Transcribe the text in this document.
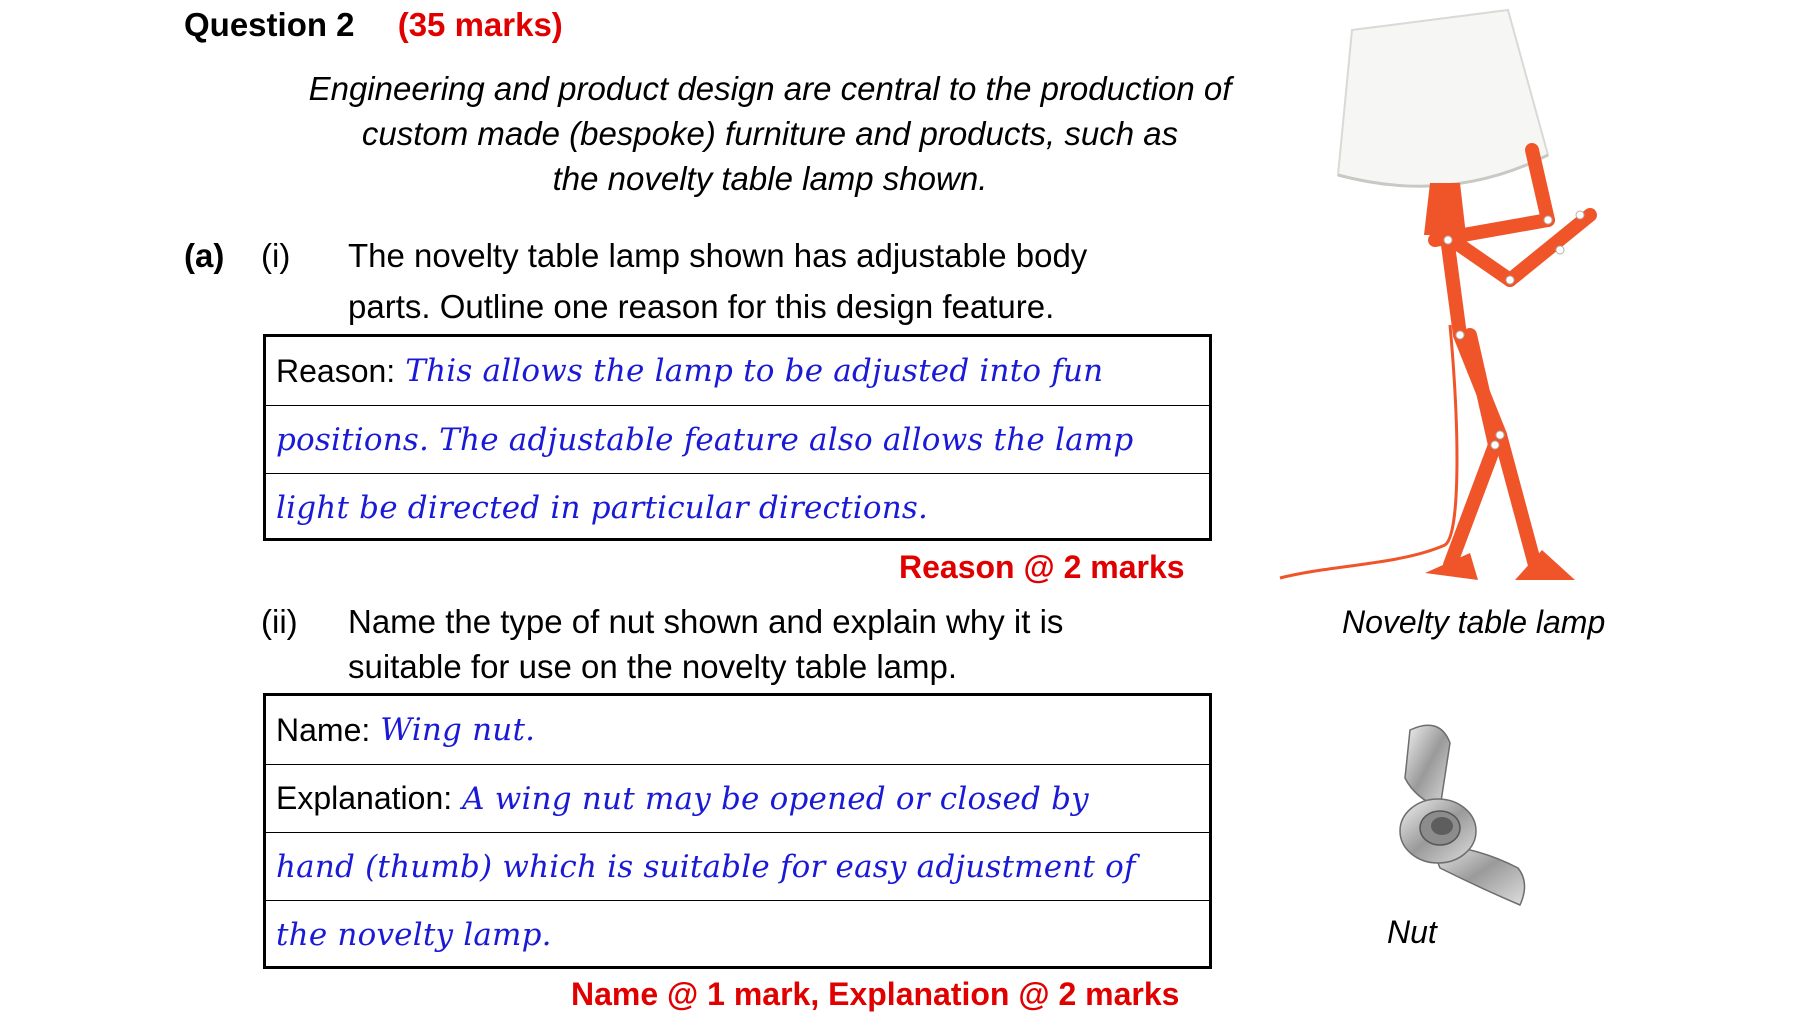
Question 2 (35 marks)
Engineering and product design are central to the production of
custom made (bespoke) furniture and products, such as
the novelty table lamp shown.
(a) (i) The novelty table lamp shown has adjustable body
parts. Outline one reason for this design feature.
Reason: This allows the lamp to be adjusted into fun
positions. The adjustable feature also allows the lamp
light be directed in particular directions.
Reason @ 2 marks
(ii) Name the type of nut shown and explain why it is
suitable for use on the novelty table lamp.
Name: Wing nut.
Explanation: A wing nut may be opened or closed by
hand (thumb) which is suitable for easy adjustment of
the novelty lamp.
Name @ 1 mark, Explanation @ 2 marks
Novelty table lamp
Nut
